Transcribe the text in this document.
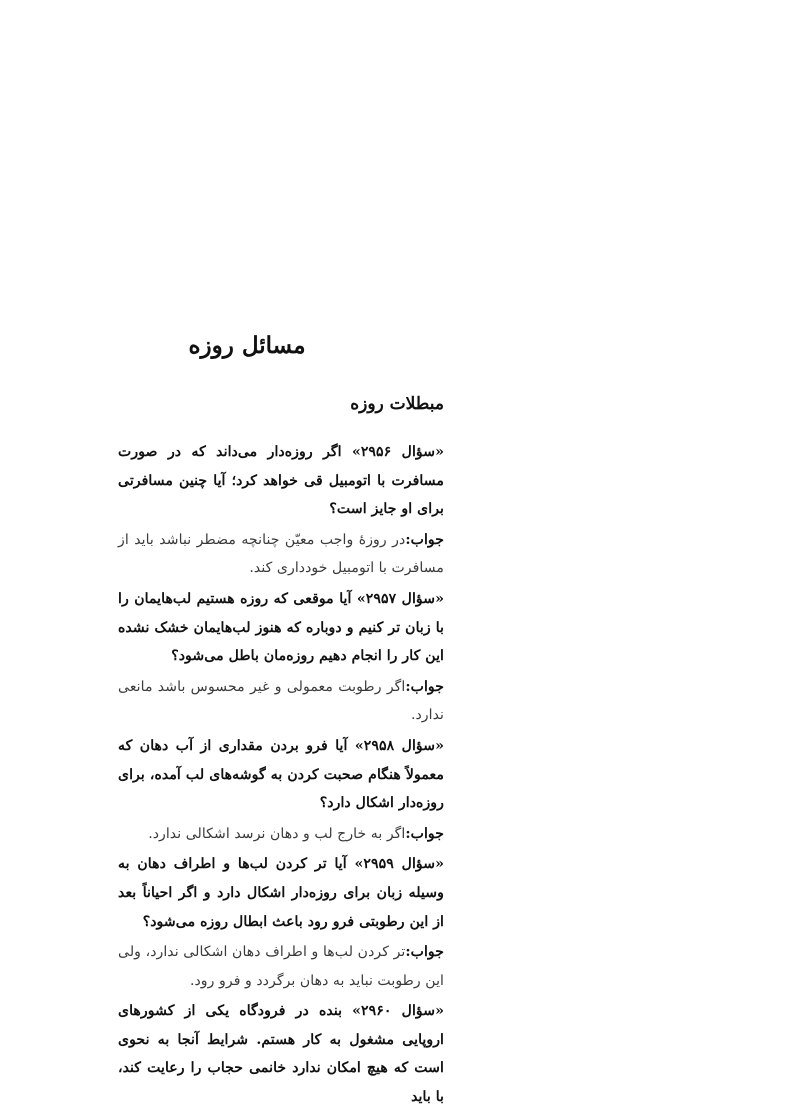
مسائل روزه
مبطلات روزه

«سؤال ۲۹۵۶» اگر روزه‌دار می‌داند که در صورت مسافرت با اتومبیل قی خواهد کرد؛ آیا چنین مسافرتی برای او جایز است؟

جواب:در روزهٔ واجب معیّن چنانچه مضطر نباشد باید از مسافرت با اتومبیل خودداری کند.

«سؤال ۲۹۵۷» آیا موقعی که روزه هستیم لب‌هایمان را با زبان تر کنیم و دوباره که هنوز لب‌هایمان خشک نشده این کار را انجام دهیم روزه‌مان باطل می‌شود؟

جواب:اگر رطوبت معمولی و غیر محسوس باشد مانعی ندارد.

«سؤال ۲۹۵۸» آیا فرو بردن مقداری از آب دهان که معمولاً هنگام صحبت کردن به گوشه‌های لب آمده، برای روزه‌دار اشکال دارد؟

جواب:اگر به خارج لب و دهان نرسد اشکالی ندارد.

«سؤال ۲۹۵۹» آیا تر کردن لب‌ها و اطراف دهان به وسیله زبان برای روزه‌دار اشکال دارد و اگر احیاناً بعد از این رطوبتی فرو رود باعث ابطال روزه می‌شود؟

جواب:تر کردن لب‌ها و اطراف دهان اشکالی ندارد، ولی این رطوبت نباید به دهان برگردد و فرو رود.

«سؤال ۲۹۶۰» بنده در فرودگاه یکی از کشورهای اروپایی مشغول به کار هستم. شرایط آنجا به نحوی است که هیچ امکان ندارد خانمی حجاب را رعایت کند، با باید
